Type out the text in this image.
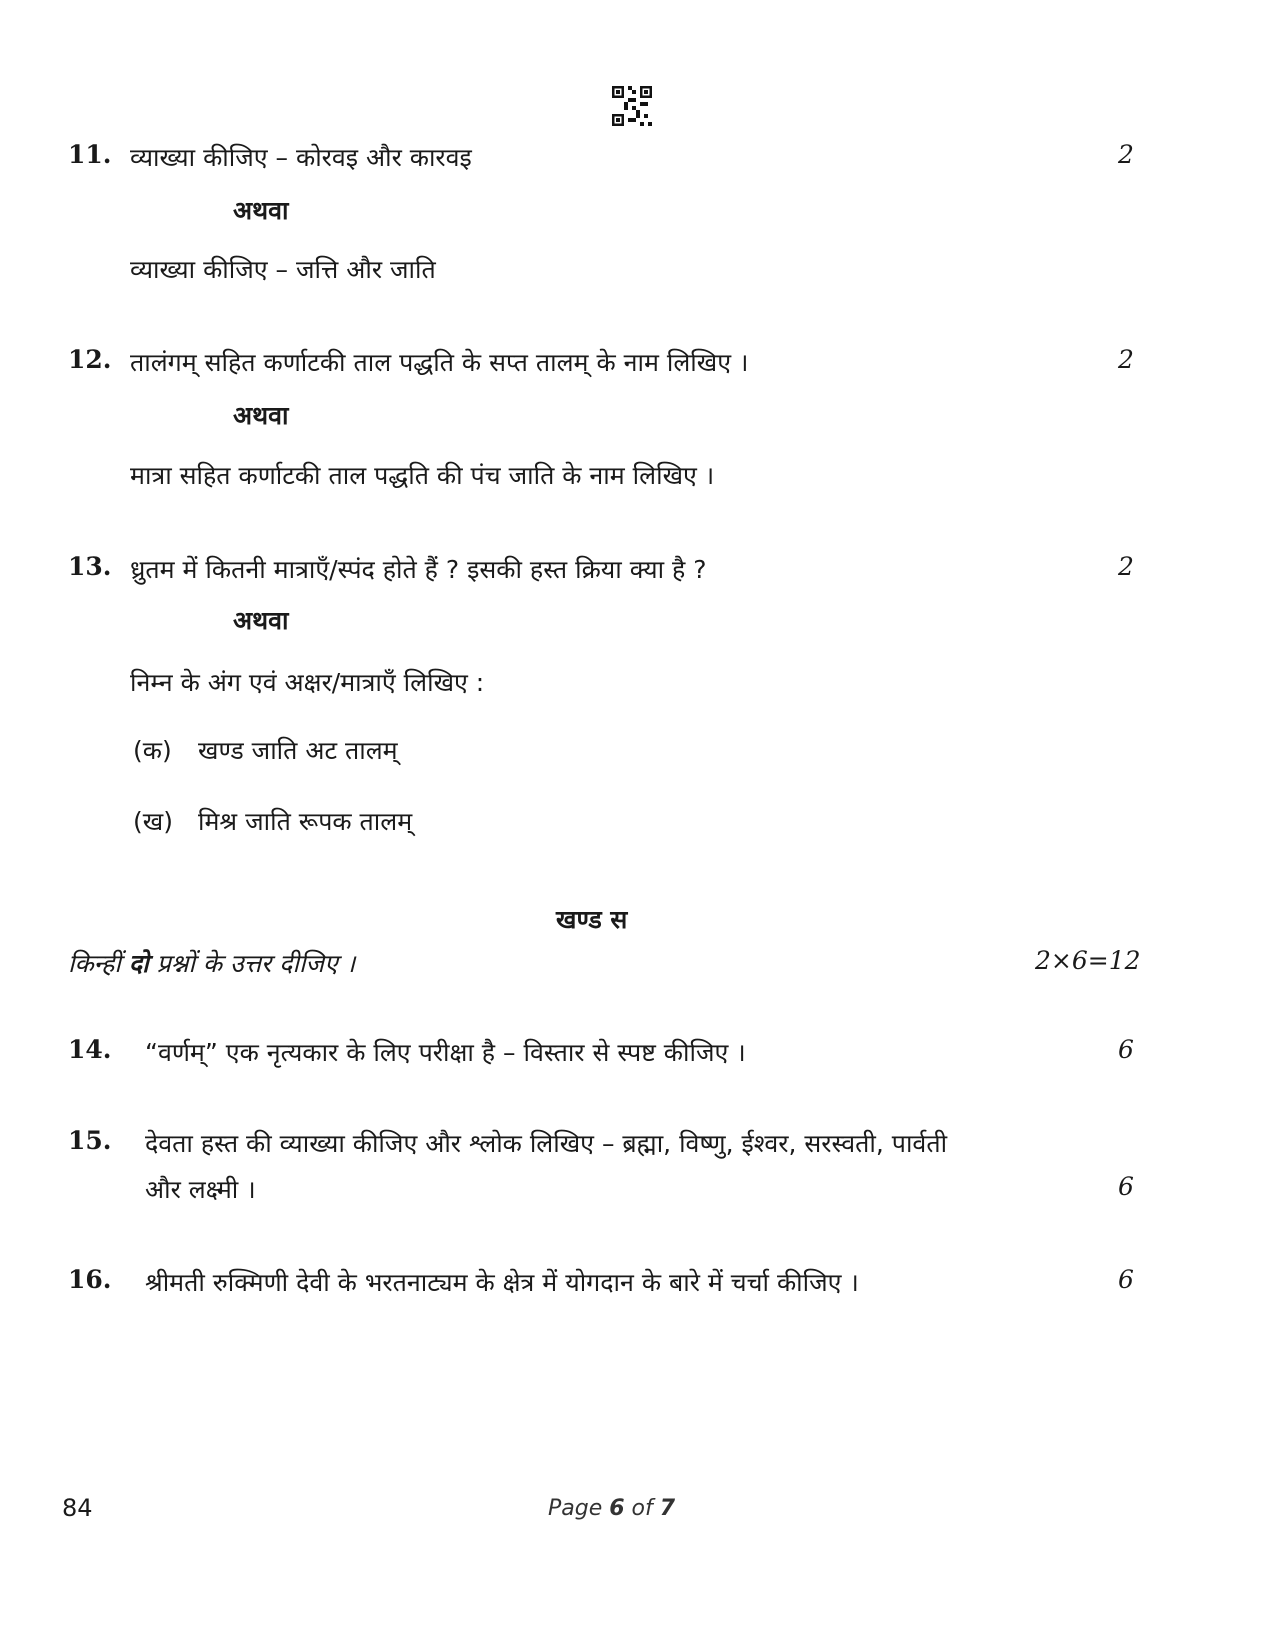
11. व्याख्या कीजिए – कोरवइ और कारवइ	2
अथवा
व्याख्या कीजिए – जत्ति और जाति
12. तालंगम् सहित कर्णाटकी ताल पद्धति के सप्त तालम् के नाम लिखिए ।	2
अथवा
मात्रा सहित कर्णाटकी ताल पद्धति की पंच जाति के नाम लिखिए ।
13. ध्रुतम में कितनी मात्राएँ/स्पंद होते हैं ? इसकी हस्त क्रिया क्या है ?	2
अथवा
निम्न के अंग एवं अक्षर/मात्राएँ लिखिए :
(क) खण्ड जाति अट तालम्
(ख) मिश्र जाति रूपक तालम्
खण्ड स
किन्हीं दो प्रश्नों के उत्तर दीजिए ।	2×6=12
14. “वर्णम्” एक नृत्यकार के लिए परीक्षा है – विस्तार से स्पष्ट कीजिए ।	6
15. देवता हस्त की व्याख्या कीजिए और श्लोक लिखिए – ब्रह्मा, विष्णु, ईश्वर, सरस्वती, पार्वती
और लक्ष्मी ।	6
16. श्रीमती रुक्मिणी देवी के भरतनाट्यम के क्षेत्र में योगदान के बारे में चर्चा कीजिए ।	6
84	Page 6 of 7
